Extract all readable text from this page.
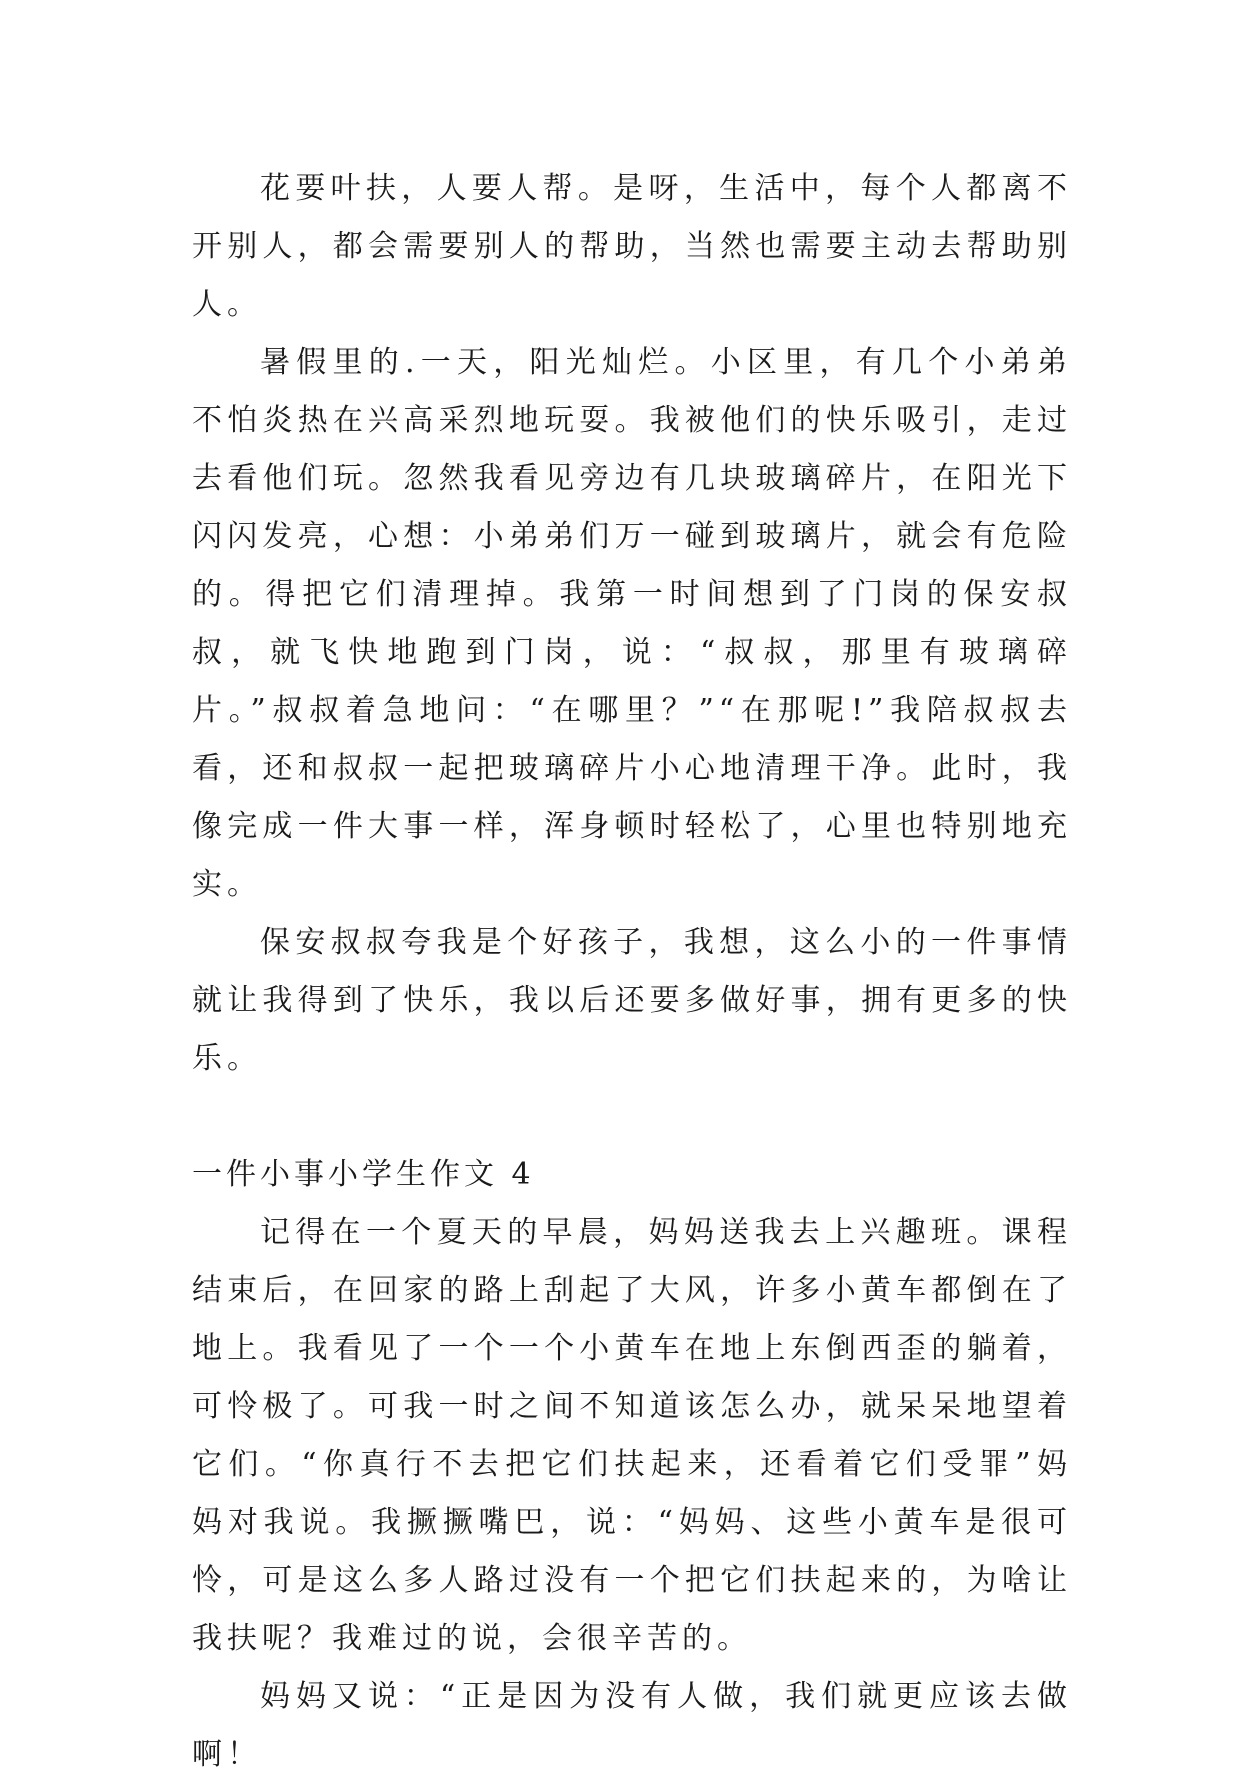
花要叶扶，人要人帮。是呀，生活中，每个人都离不开别人，都会需要别人的帮助，当然也需要主动去帮助别人。

暑假里的.一天，阳光灿烂。小区里，有几个小弟弟不怕炎热在兴高采烈地玩耍。我被他们的快乐吸引，走过去看他们玩。忽然我看见旁边有几块玻璃碎片，在阳光下闪闪发亮，心想：小弟弟们万一碰到玻璃片，就会有危险的。得把它们清理掉。我第一时间想到了门岗的保安叔叔，就飞快地跑到门岗，说：“叔叔，那里有玻璃碎片。”叔叔着急地问：“在哪里？”“在那呢!”我陪叔叔去看，还和叔叔一起把玻璃碎片小心地清理干净。此时，我像完成一件大事一样，浑身顿时轻松了，心里也特别地充实。

保安叔叔夸我是个好孩子，我想，这么小的一件事情就让我得到了快乐，我以后还要多做好事，拥有更多的快乐。

一件小事小学生作文 4

记得在一个夏天的早晨，妈妈送我去上兴趣班。课程结束后，在回家的路上刮起了大风，许多小黄车都倒在了地上。我看见了一个一个小黄车在地上东倒西歪的躺着，可怜极了。可我一时之间不知道该怎么办，就呆呆地望着它们。“你真行不去把它们扶起来，还看着它们受罪”妈妈对我说。我撅撅嘴巴，说：“妈妈、这些小黄车是很可怜，可是这么多人路过没有一个把它们扶起来的，为啥让我扶呢？我难过的说，会很辛苦的。

妈妈又说：“正是因为没有人做，我们就更应该去做啊！
